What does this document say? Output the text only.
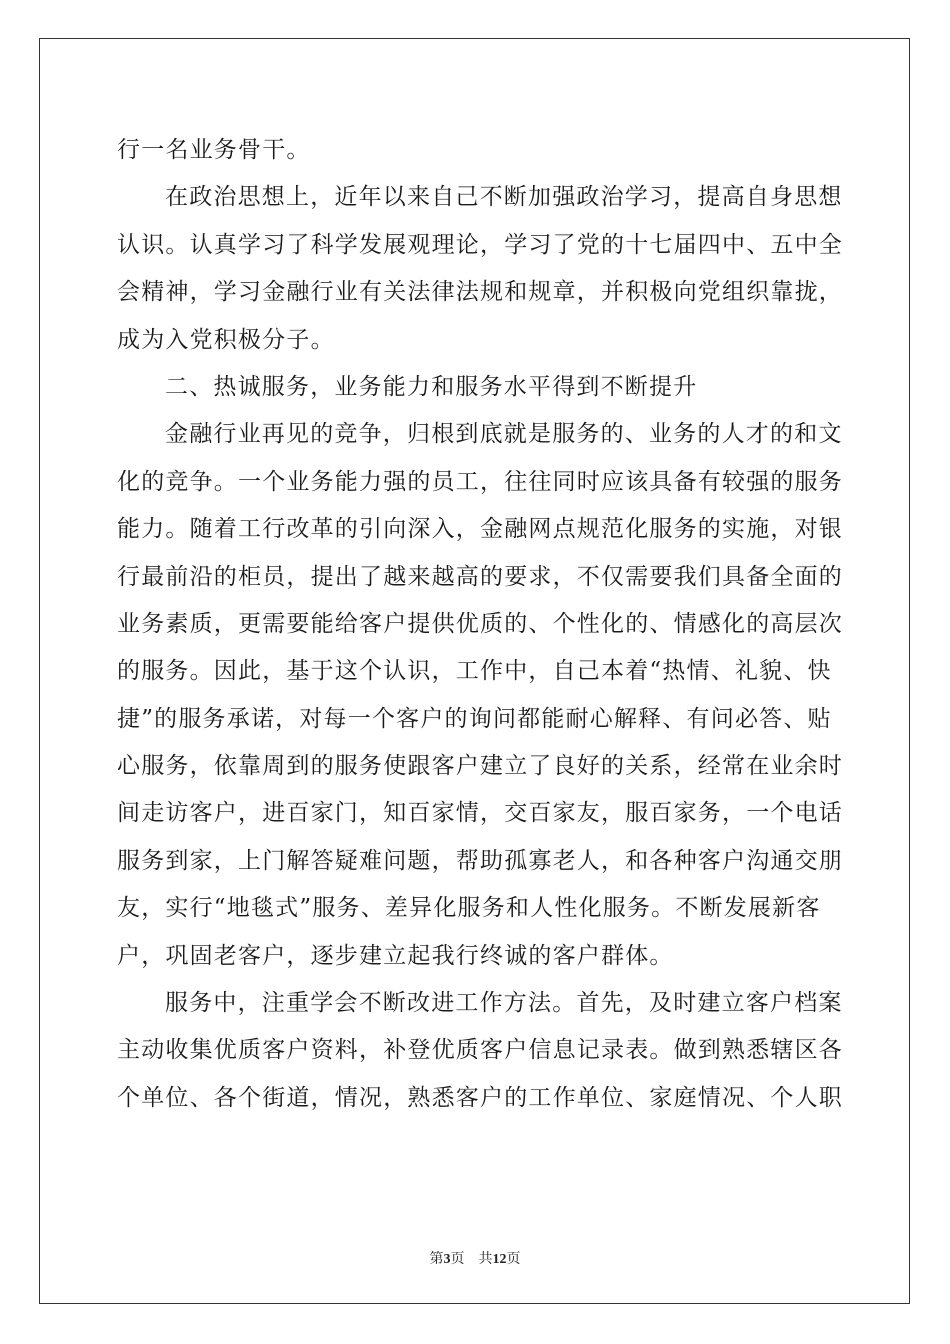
行一名业务骨干。
在政治思想上，近年以来自己不断加强政治学习，提高自身思想
认识。认真学习了科学发展观理论，学习了党的十七届四中、五中全
会精神，学习金融行业有关法律法规和规章，并积极向党组织靠拢，
成为入党积极分子。
二、热诚服务，业务能力和服务水平得到不断提升
金融行业再见的竞争，归根到底就是服务的、业务的人才的和文
化的竞争。一个业务能力强的员工，往往同时应该具备有较强的服务
能力。随着工行改革的引向深入，金融网点规范化服务的实施，对银
行最前沿的柜员，提出了越来越高的要求，不仅需要我们具备全面的
业务素质，更需要能给客户提供优质的、个性化的、情感化的高层次
的服务。因此，基于这个认识，工作中，自己本着“热情、礼貌、快
捷”的服务承诺，对每一个客户的询问都能耐心解释、有问必答、贴
心服务，依靠周到的服务使跟客户建立了良好的关系，经常在业余时
间走访客户，进百家门，知百家情，交百家友，服百家务，一个电话
服务到家，上门解答疑难问题，帮助孤寡老人，和各种客户沟通交朋
友，实行“地毯式”服务、差异化服务和人性化服务。不断发展新客
户，巩固老客户，逐步建立起我行终诚的客户群体。
服务中，注重学会不断改进工作方法。首先，及时建立客户档案
主动收集优质客户资料，补登优质客户信息记录表。做到熟悉辖区各
个单位、各个街道，情况，熟悉客户的工作单位、家庭情况、个人职
第3页 共12页
